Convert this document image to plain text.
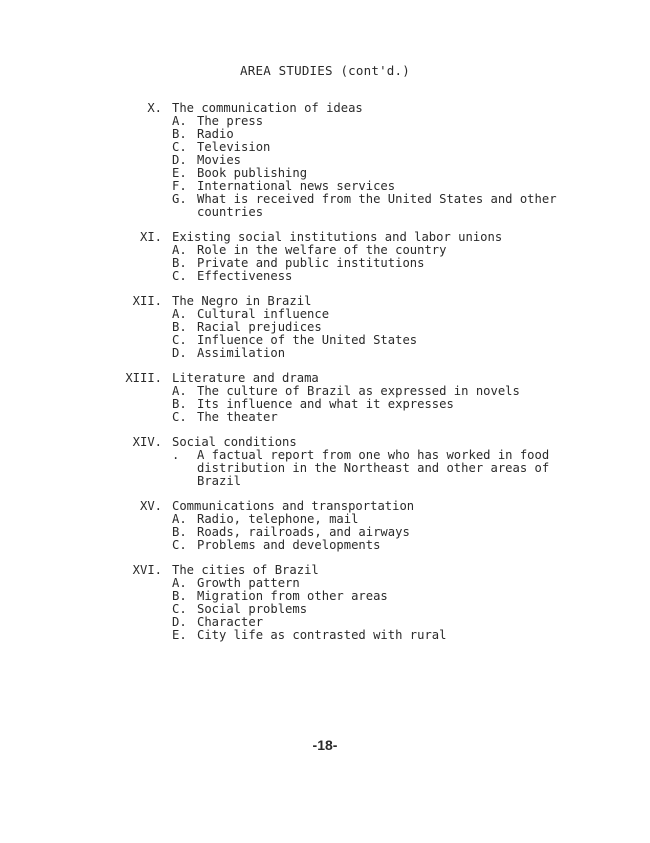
AREA STUDIES (cont'd.)
X. The communication of ideas
A. The press
B. Radio
C. Television
D. Movies
E. Book publishing
F. International news services
G. What is received from the United States and other
countries
XI. Existing social institutions and labor unions
A. Role in the welfare of the country
B. Private and public institutions
C. Effectiveness
XII. The Negro in Brazil
A. Cultural influence
B. Racial prejudices
C. Influence of the United States
D. Assimilation
XIII. Literature and drama
A. The culture of Brazil as expressed in novels
B. Its influence and what it expresses
C. The theater
XIV. Social conditions
.	A factual report from one who has worked in food
distribution in the Northeast and other areas of
Brazil
XV. Communications and transportation
A. Radio, telephone, mail
B. Roads, railroads, and airways
C. Problems and developments
XVI. The cities of Brazil
A. Growth pattern
B. Migration from other areas
C. Social problems
D. Character
E. City life as contrasted with rural
-18-
